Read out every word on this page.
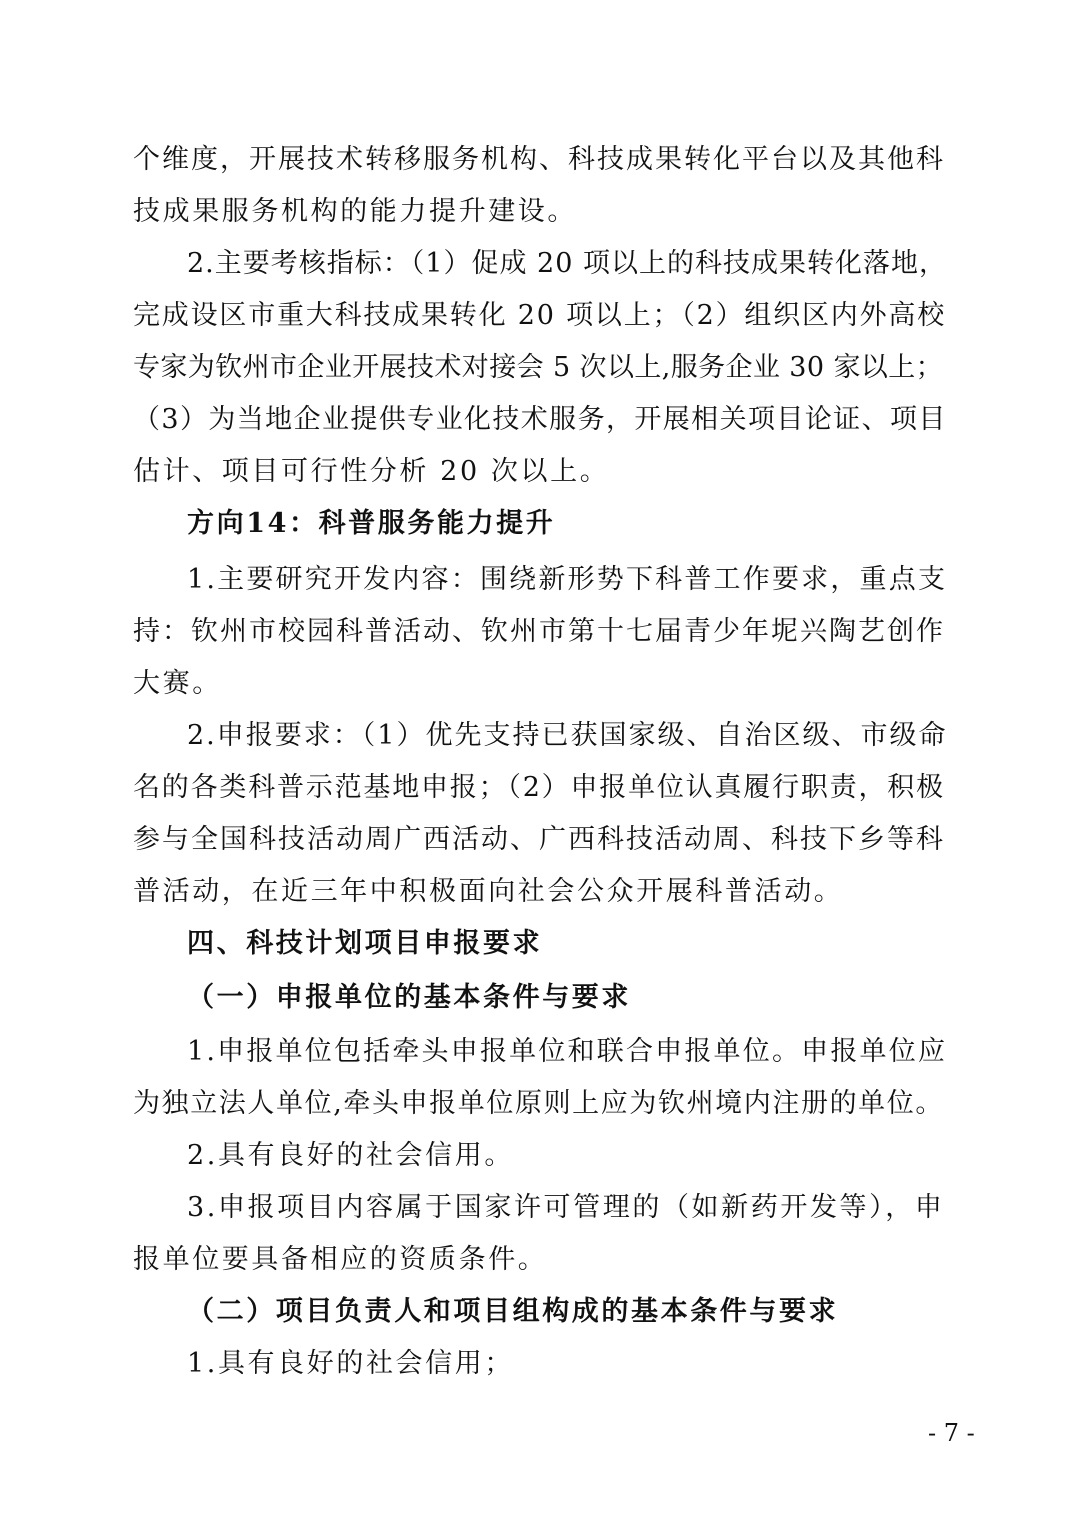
个维度，开展技术转移服务机构、科技成果转化平台以及其他科
技成果服务机构的能力提升建设。
2.主要考核指标：（1）促成 20 项以上的科技成果转化落地，
完成设区市重大科技成果转化 20 项以上；（2）组织区内外高校
专家为钦州市企业开展技术对接会 5 次以上,服务企业 30 家以上；
（3）为当地企业提供专业化技术服务，开展相关项目论证、项目
估计、项目可行性分析 20 次以上。
方向14：科普服务能力提升
1.主要研究开发内容：围绕新形势下科普工作要求，重点支
持：钦州市校园科普活动、钦州市第十七届青少年坭兴陶艺创作
大赛。
2.申报要求：（1）优先支持已获国家级、自治区级、市级命
名的各类科普示范基地申报；（2）申报单位认真履行职责，积极
参与全国科技活动周广西活动、广西科技活动周、科技下乡等科
普活动，在近三年中积极面向社会公众开展科普活动。
四、科技计划项目申报要求
（一）申报单位的基本条件与要求
1.申报单位包括牵头申报单位和联合申报单位。申报单位应
为独立法人单位,牵头申报单位原则上应为钦州境内注册的单位。
2.具有良好的社会信用。
3.申报项目内容属于国家许可管理的（如新药开发等），申
报单位要具备相应的资质条件。
（二）项目负责人和项目组构成的基本条件与要求
1.具有良好的社会信用；
- 7 -
